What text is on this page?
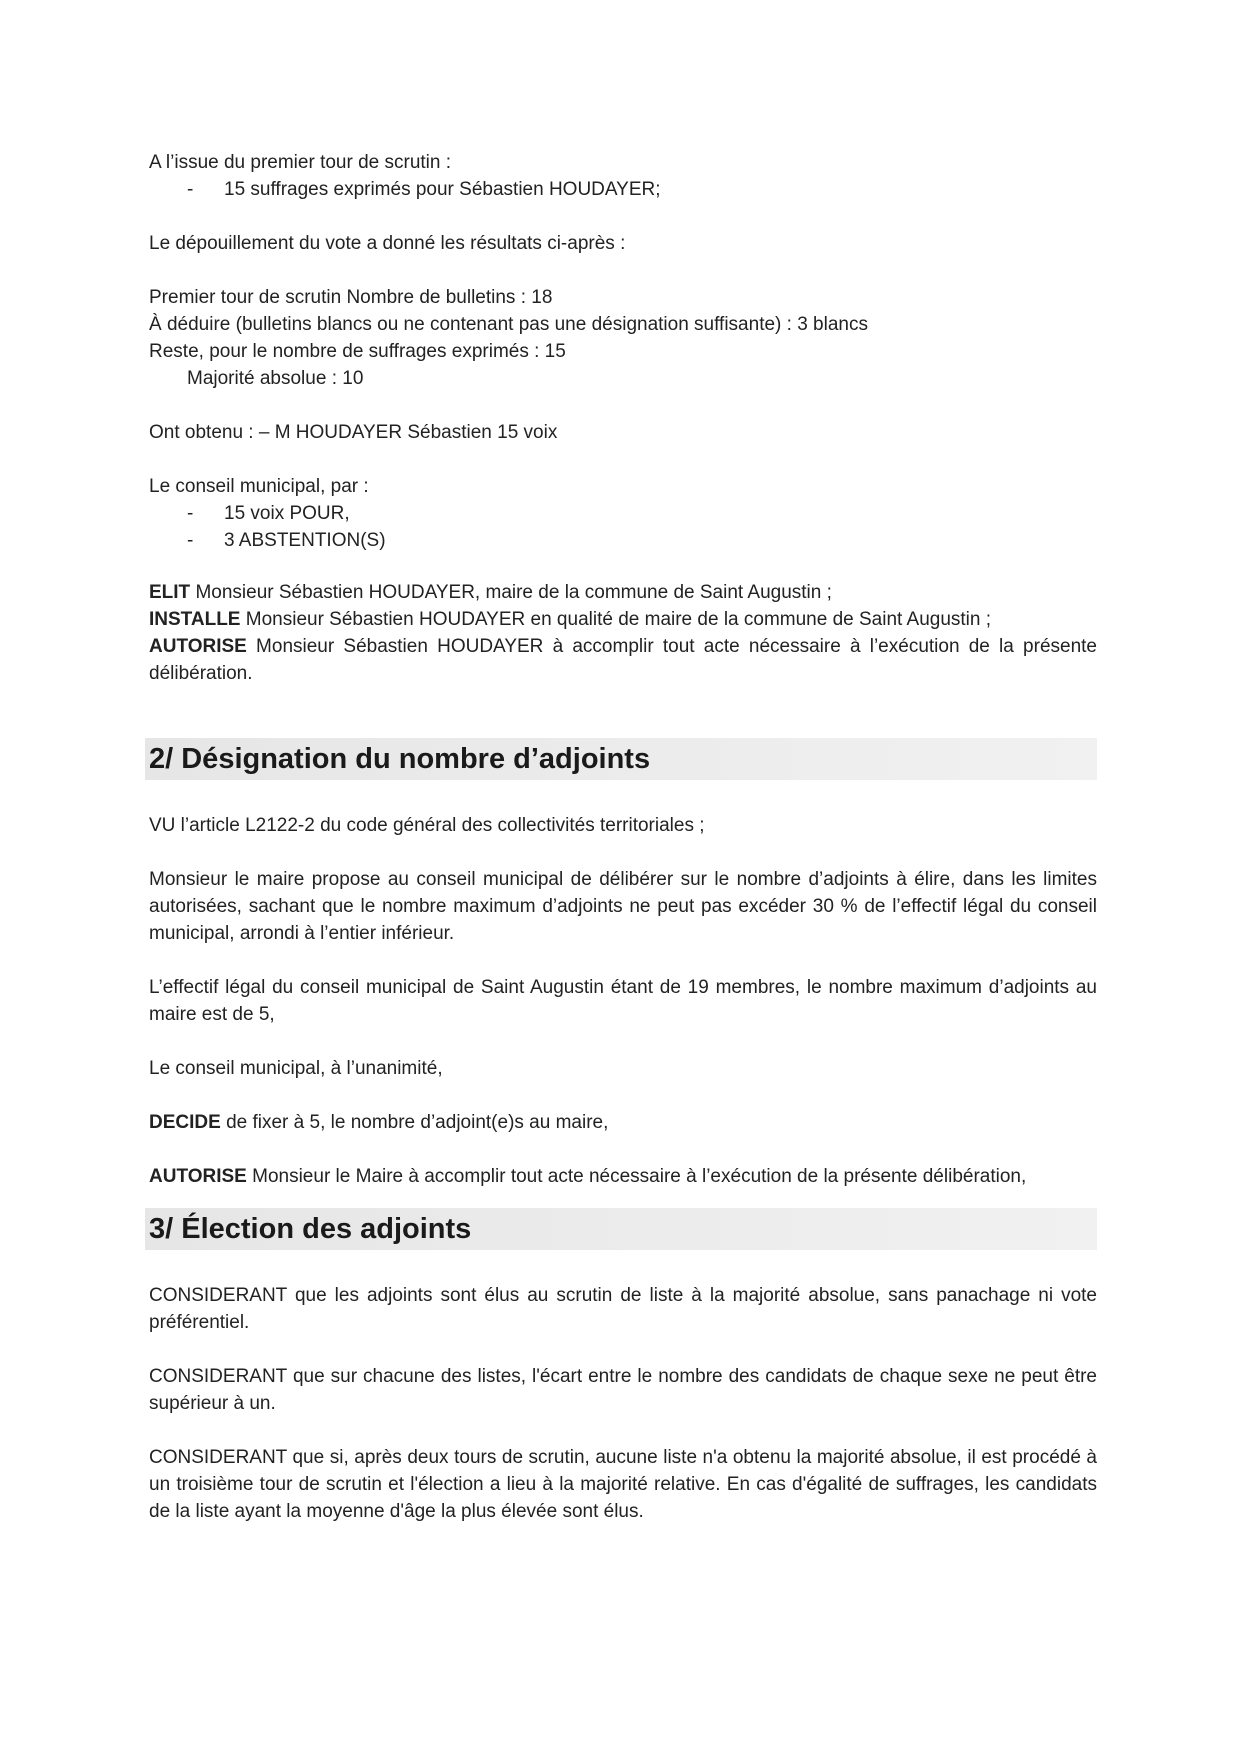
A l’issue du premier tour de scrutin :

- 15 suffrages exprimés pour Sébastien HOUDAYER;

Le dépouillement du vote a donné les résultats ci-après :

Premier tour de scrutin Nombre de bulletins : 18

À déduire (bulletins blancs ou ne contenant pas une désignation suffisante) : 3 blancs

Reste, pour le nombre de suffrages exprimés : 15

Majorité absolue : 10

Ont obtenu : – M HOUDAYER Sébastien 15 voix

Le conseil municipal, par :

- 15 voix POUR,
- 3 ABSTENTION(S)

ELIT Monsieur Sébastien HOUDAYER, maire de la commune de Saint Augustin ;

INSTALLE Monsieur Sébastien HOUDAYER en qualité de maire de la commune de Saint Augustin ;

AUTORISE Monsieur Sébastien HOUDAYER à accomplir tout acte nécessaire à l’exécution de la présente délibération.

2/ Désignation du nombre d’adjoints

VU l’article L2122-2 du code général des collectivités territoriales ;

Monsieur le maire propose au conseil municipal de délibérer sur le nombre d’adjoints à élire, dans les limites autorisées, sachant que le nombre maximum d’adjoints ne peut pas excéder 30 % de l’effectif légal du conseil municipal, arrondi à l’entier inférieur.

L’effectif légal du conseil municipal de Saint Augustin étant de 19 membres, le nombre maximum d’adjoints au maire est de 5,

Le conseil municipal, à l’unanimité,

DECIDE de fixer à 5, le nombre d’adjoint(e)s au maire,

AUTORISE Monsieur le Maire à accomplir tout acte nécessaire à l’exécution de la présente délibération,

3/ Élection des adjoints

CONSIDERANT que les adjoints sont élus au scrutin de liste à la majorité absolue, sans panachage ni vote préférentiel.

CONSIDERANT que sur chacune des listes, l'écart entre le nombre des candidats de chaque sexe ne peut être supérieur à un.

CONSIDERANT que si, après deux tours de scrutin, aucune liste n'a obtenu la majorité absolue, il est procédé à un troisième tour de scrutin et l'élection a lieu à la majorité relative. En cas d'égalité de suffrages, les candidats de la liste ayant la moyenne d'âge la plus élevée sont élus.
